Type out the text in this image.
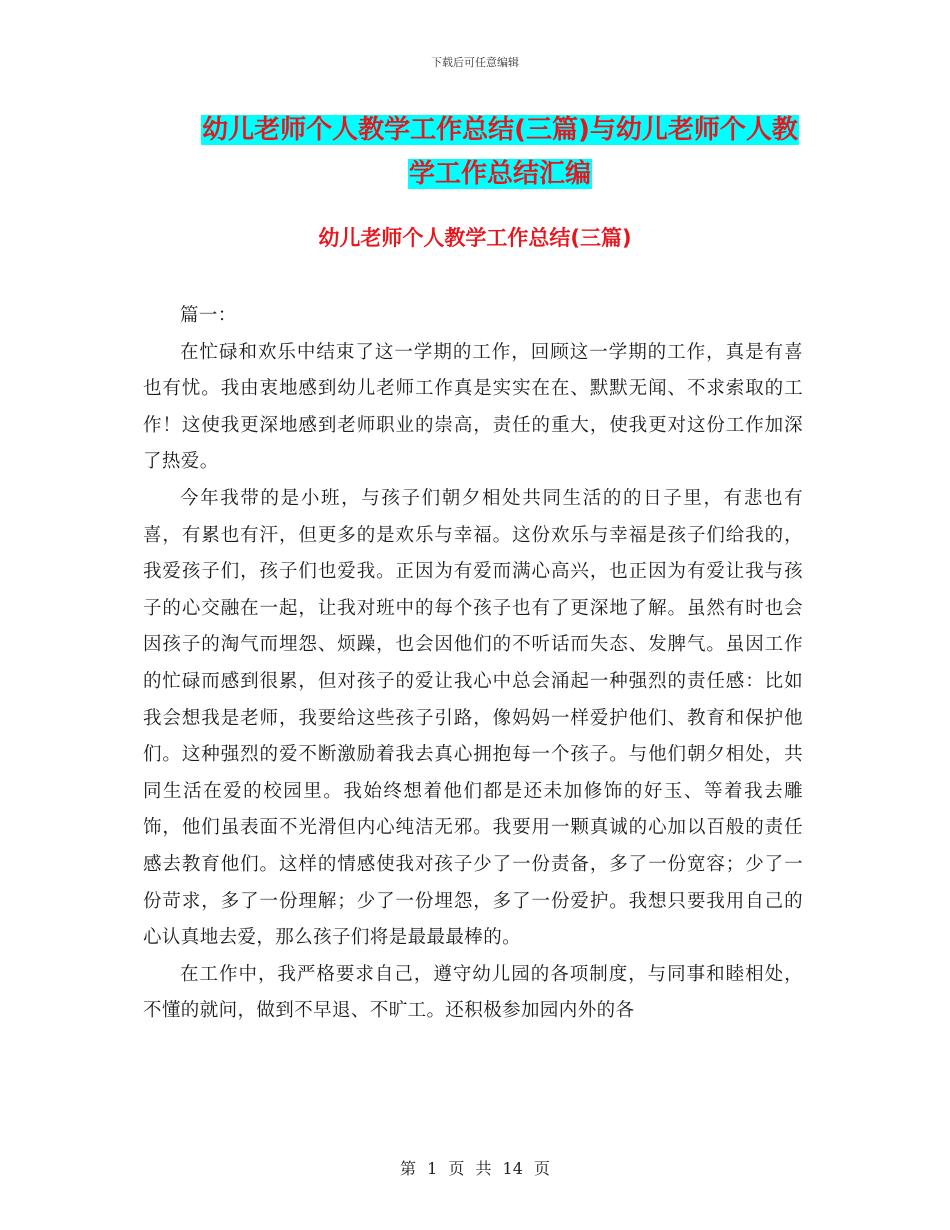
下载后可任意编辑
幼儿老师个人教学工作总结(三篇)与幼儿老师个人教
学工作总结汇编
幼儿老师个人教学工作总结(三篇)

篇一：

在忙碌和欢乐中结束了这一学期的工作，回顾这一学期的工作，真是有喜也有忧。我由衷地感到幼儿老师工作真是实实在在、默默无闻、不求索取的工作！这使我更深地感到老师职业的崇高，责任的重大，使我更对这份工作加深了热爱。

今年我带的是小班，与孩子们朝夕相处共同生活的的日子里，有悲也有喜，有累也有汗，但更多的是欢乐与幸福。这份欢乐与幸福是孩子们给我的，我爱孩子们，孩子们也爱我。正因为有爱而满心高兴，也正因为有爱让我与孩子的心交融在一起，让我对班中的每个孩子也有了更深地了解。虽然有时也会因孩子的淘气而埋怨、烦躁，也会因他们的不听话而失态、发脾气。虽因工作的忙碌而感到很累，但对孩子的爱让我心中总会涌起一种强烈的责任感：比如我会想我是老师，我要给这些孩子引路，像妈妈一样爱护他们、教育和保护他们。这种强烈的爱不断激励着我去真心拥抱每一个孩子。与他们朝夕相处，共同生活在爱的校园里。我始终想着他们都是还未加修饰的好玉、等着我去雕饰，他们虽表面不光滑但内心纯洁无邪。我要用一颗真诚的心加以百般的责任感去教育他们。这样的情感使我对孩子少了一份责备，多了一份宽容；少了一份苛求，多了一份理解；少了一份埋怨，多了一份爱护。我想只要我用自己的心认真地去爱，那么孩子们将是最最最棒的。

在工作中，我严格要求自己，遵守幼儿园的各项制度，与同事和睦相处，不懂的就问，做到不早退、不旷工。还积极参加园内外的各

第 1 页 共 14 页
